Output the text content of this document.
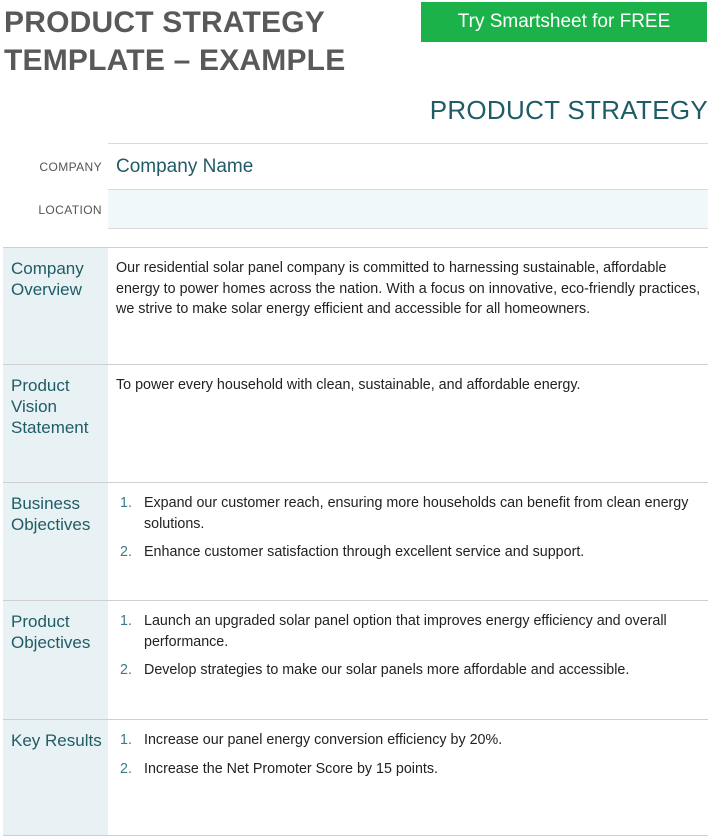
PRODUCT STRATEGY
TEMPLATE – EXAMPLE
Try Smartsheet for FREE
PRODUCT STRATEGY
COMPANY Company Name
LOCATION
Company Overview
Our residential solar panel company is committed to harnessing sustainable, affordable energy to power homes across the nation. With a focus on innovative, eco-friendly practices, we strive to make solar energy efficient and accessible for all homeowners.
Product Vision Statement
To power every household with clean, sustainable, and affordable energy.
Business Objectives
1. Expand our customer reach, ensuring more households can benefit from clean energy solutions.
2. Enhance customer satisfaction through excellent service and support.
Product Objectives
1. Launch an upgraded solar panel option that improves energy efficiency and overall performance.
2. Develop strategies to make our solar panels more affordable and accessible.
Key Results	1. Increase our panel energy conversion efficiency by 20%.
2. Increase the Net Promoter Score by 15 points.
